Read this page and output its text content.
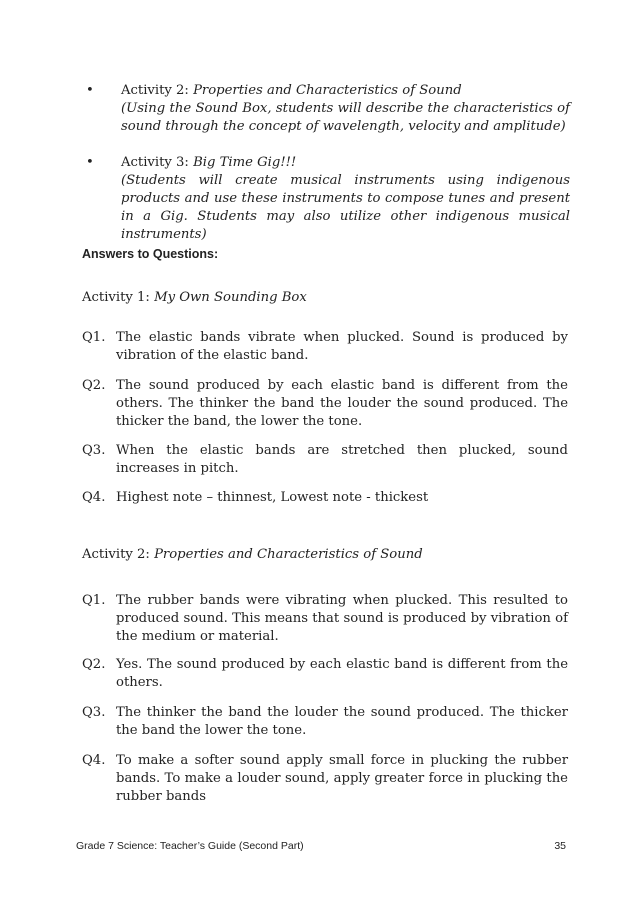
•	Activity 2: Properties and Characteristics of Sound
(Using the Sound Box, students will describe the characteristics of sound through the concept of wavelength, velocity and amplitude)
•	Activity 3: Big Time Gig!!!
(Students will create musical instruments using indigenous products and use these instruments to compose tunes and present in a Gig. Students may also utilize other indigenous musical instruments)
Answers to Questions:
Activity 1: My Own Sounding Box
Q1. The elastic bands vibrate when plucked. Sound is produced by vibration of the elastic band.
Q2. The sound produced by each elastic band is different from the others. The thinker the band the louder the sound produced. The thicker the band, the lower the tone.
Q3. When the elastic bands are stretched then plucked, sound increases in pitch.
Q4. Highest note – thinnest, Lowest note - thickest
Activity 2: Properties and Characteristics of Sound
Q1. The rubber bands were vibrating when plucked. This resulted to produced sound. This means that sound is produced by vibration of the medium or material.
Q2. Yes. The sound produced by each elastic band is different from the others.
Q3. The thinker the band the louder the sound produced. The thicker the band the lower the tone.
Q4. To make a softer sound apply small force in plucking the rubber bands. To make a louder sound, apply greater force in plucking the rubber bands
Grade 7 Science: Teacher’s Guide (Second Part)	35
